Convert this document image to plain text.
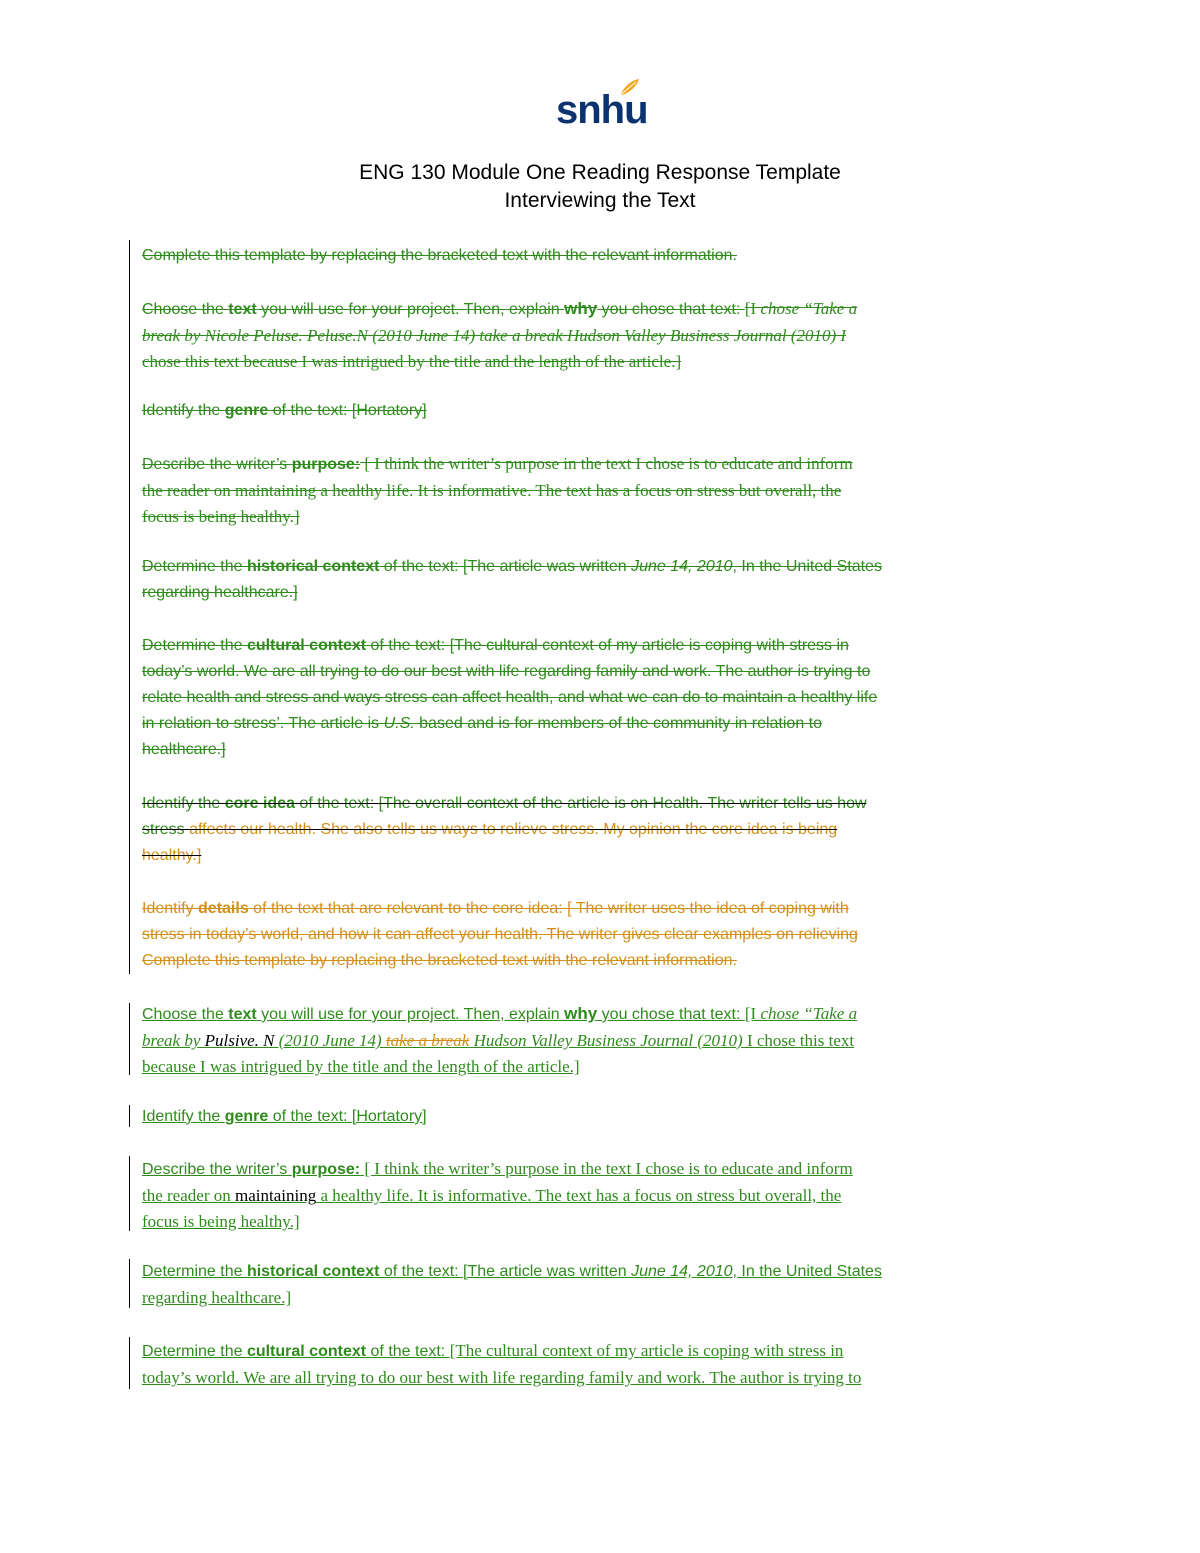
snhu
ENG 130 Module One Reading Response Template
Interviewing the Text
Complete this template by replacing the bracketed text with the relevant information.
Choose the text you will use for your project. Then, explain why you chose that text: [I chose “Take a
break by Nicole Peluse. Peluse.N (2010 June 14) take a break Hudson Valley Business Journal (2010) I
chose this text because I was intrigued by the title and the length of the article.]
Identify the genre of the text: [Hortatory]
Describe the writer’s purpose: [ I think the writer’s purpose in the text I chose is to educate and inform
the reader on maintaining a healthy life. It is informative. The text has a focus on stress but overall, the
focus is being healthy.]
Determine the historical context of the text: [The article was written June 14, 2010, In the United States
regarding healthcare.]
Determine the cultural context of the text: [The cultural context of my article is coping with stress in
today’s world. We are all trying to do our best with life regarding family and work. The author is trying to
relate health and stress and ways stress can affect health, and what we can do to maintain a healthy life
in relation to stress’. The article is U.S. based and is for members of the community in relation to
healthcare.]
Identify the core idea of the text: [The overall context of the article is on Health. The writer tells us how
stress affects our health. She also tells us ways to relieve stress. My opinion the core idea is being
healthy.]
Identify details of the text that are relevant to the core idea: [ The writer uses the idea of coping with
stress in today’s world, and how it can affect your health. The writer gives clear examples on relieving
Complete this template by replacing the bracketed text with the relevant information.
Choose the text you will use for your project. Then, explain why you chose that text: [I chose “Take a
break by Pulsive. N (2010 June 14) take a break Hudson Valley Business Journal (2010) I chose this text
because I was intrigued by the title and the length of the article.]
Identify the genre of the text: [Hortatory]
Describe the writer’s purpose: [ I think the writer’s purpose in the text I chose is to educate and inform
the reader on maintaining a healthy life. It is informative. The text has a focus on stress but overall, the
focus is being healthy.]
Determine the historical context of the text: [The article was written June 14, 2010, In the United States
regarding healthcare.]
Determine the cultural context of the text: [The cultural context of my article is coping with stress in
today’s world. We are all trying to do our best with life regarding family and work. The author is trying to
